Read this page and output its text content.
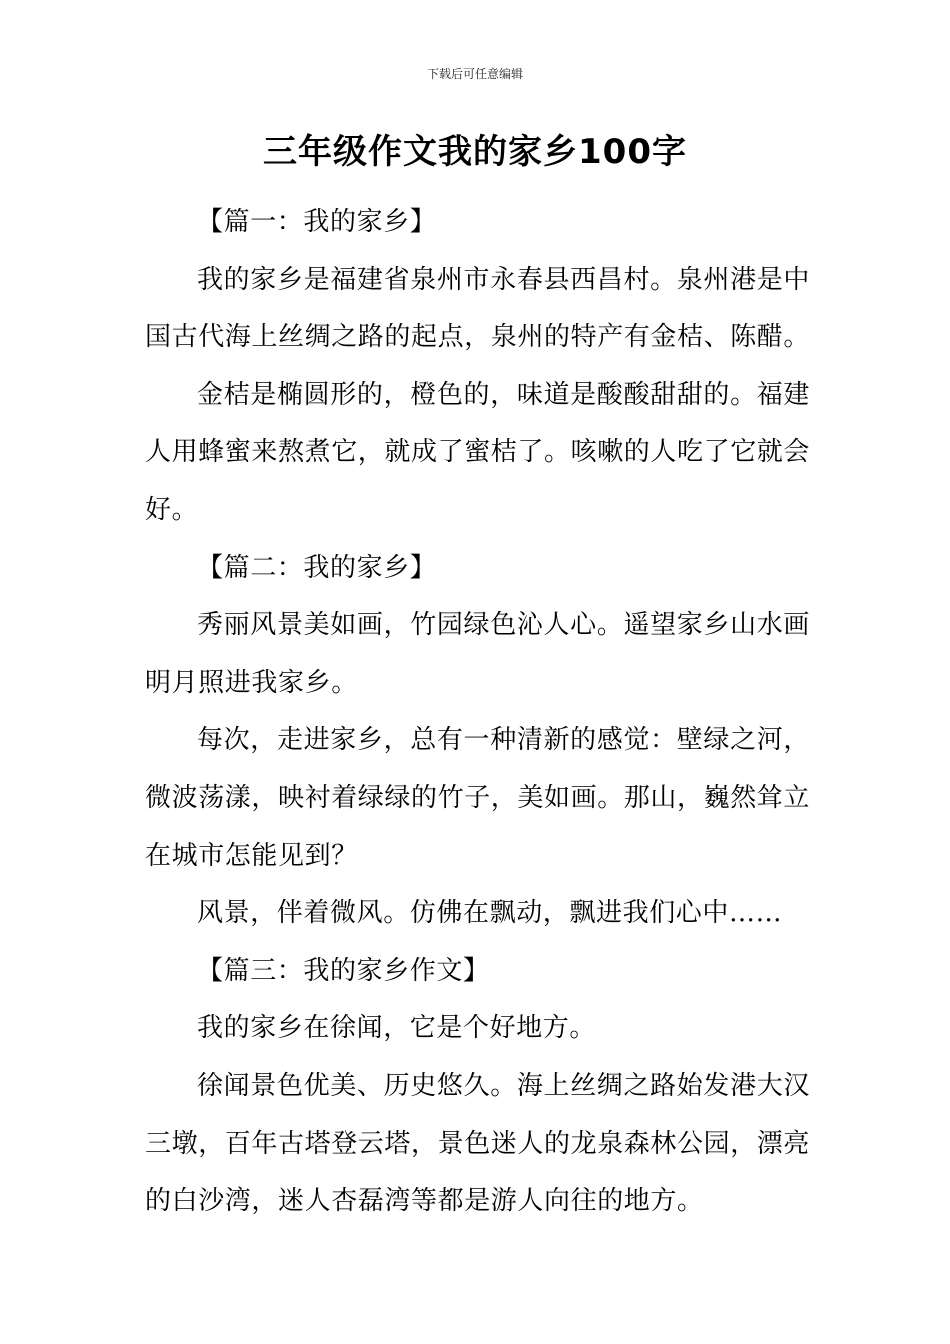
下载后可任意编辑
三年级作文我的家乡100字

【篇一：我的家乡】

我的家乡是福建省泉州市永春县西昌村。泉州港是中国古代海上丝绸之路的起点，泉州的特产有金桔、陈醋。

金桔是椭圆形的，橙色的，味道是酸酸甜甜的。福建人用蜂蜜来熬煮它，就成了蜜桔了。咳嗽的人吃了它就会好。

【篇二：我的家乡】

秀丽风景美如画，竹园绿色沁人心。遥望家乡山水画明月照进我家乡。

每次，走进家乡，总有一种清新的感觉：壁绿之河，微波荡漾，映衬着绿绿的竹子，美如画。那山，巍然耸立在城市怎能见到？

风景，伴着微风。仿佛在飘动，飘进我们心中……

【篇三：我的家乡作文】

我的家乡在徐闻，它是个好地方。

徐闻景色优美、历史悠久。海上丝绸之路始发港大汉三墩，百年古塔登云塔，景色迷人的龙泉森林公园，漂亮的白沙湾，迷人杏磊湾等都是游人向往的地方。
